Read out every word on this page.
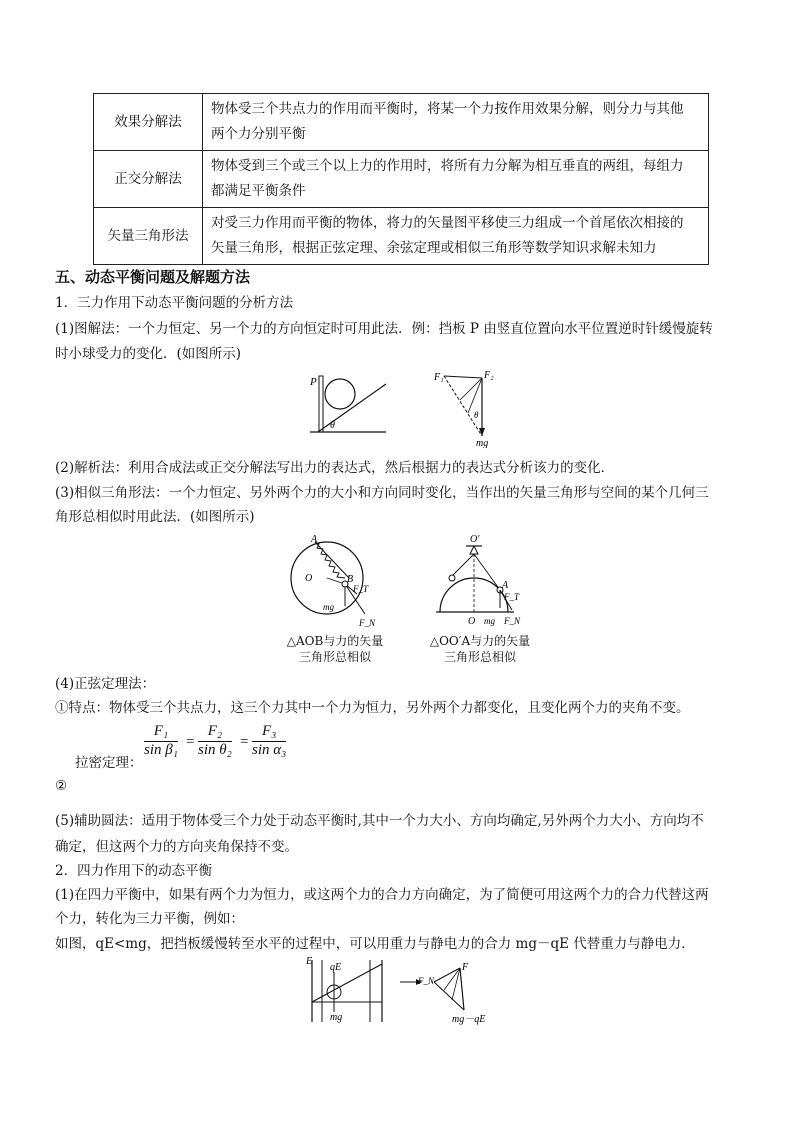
效果分解法	物体受三个共点力的作用而平衡时，将某一个力按作用效果分解，则分力与其他
两个力分别平衡
正交分解法	物体受到三个或三个以上力的作用时，将所有力分解为相互垂直的两组，每组力
都满足平衡条件
矢量三角形法	对受三力作用而平衡的物体，将力的矢量图平移使三力组成一个首尾依次相接的
矢量三角形，根据正弦定理、余弦定理或相似三角形等数学知识求解未知力
五、动态平衡问题及解题方法
1．三力作用下动态平衡问题的分析方法
(1)图解法：一个力恒定、另一个力的方向恒定时可用此法．例：挡板 P 由竖直位置向水平位置逆时针缓慢旋转
时小球受力的变化．(如图所示)
P
θ
F₁	F₂
θ
mg
(2)解析法：利用合成法或正交分解法写出力的表达式，然后根据力的表达式分析该力的变化．
(3)相似三角形法：一个力恒定、另外两个力的大小和方向同时变化，当作出的矢量三角形与空间的某个几何三
角形总相似时用此法．(如图所示)
A
O	B
F_T
mg
F_N
O′
A
F_T
O mg F_N
△AOB与力的矢量
三角形总相似
△OO′A与力的矢量
三角形总相似
(4)正弦定理法：
①特点：物体受三个共点力，这三个力其中一个力为恒力，另外两个力都变化，且变化两个力的夹角不变。
拉密定理：
$\frac{\text{F₁}}{\text{sin β₁}} = \frac{\text{F₂}}{\text{sin θ₂}} = \frac{\text{F₃}}{\text{sin α₃}}$
②
(5)辅助圆法：适用于物体受三个力处于动态平衡时,其中一个力大小、方向均确定,另外两个力大小、方向均不
确定，但这两个力的方向夹角保持不变。
2．四力作用下的动态平衡
(1)在四力平衡中，如果有两个力为恒力，或这两个力的合力方向确定，为了简便可用这两个力的合力代替这两
个力，转化为三力平衡，例如：
如图，qE<mg，把挡板缓慢转至水平的过程中，可以用重力与静电力的合力 mg－qE 代替重力与静电力．
E
qE
mg
F_N
F
mg－qE
